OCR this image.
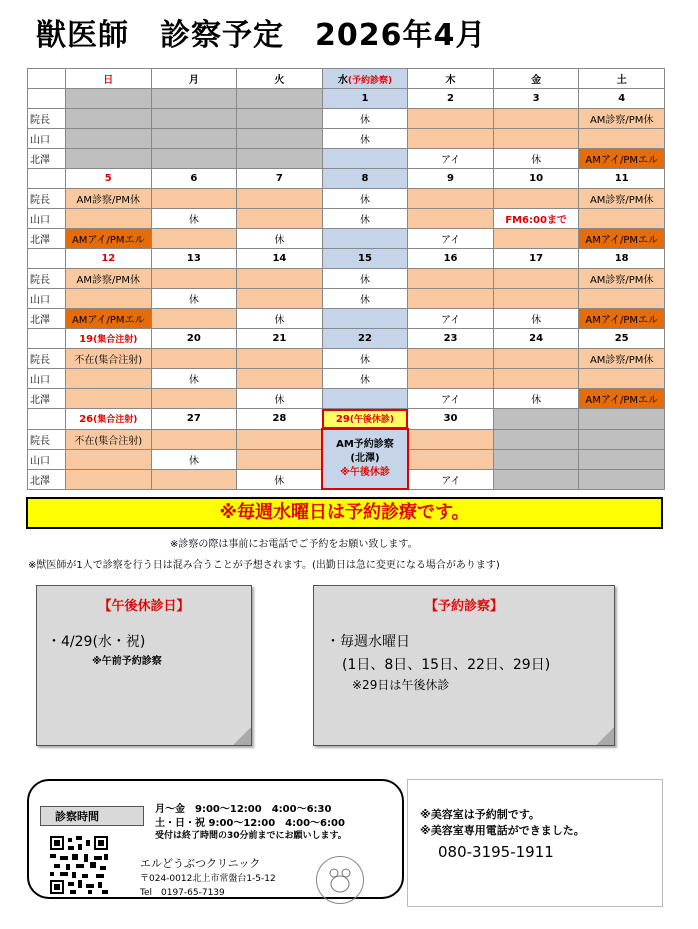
獣医師　診察予定　2026年4月
	日	月	火	水(予約診察)	木	金	土
				1	2	3	4
院長				休			AM診察/PM休
山口				休			
北澤					アイ	休	AMアイ/PMエル
	5	6	7	8	9	10	11
院長	AM診察/PM休			休			AM診察/PM休
山口		休		休		FM6:00まで	
北澤	AMアイ/PMエル		休		アイ		AMアイ/PMエル
	12	13	14	15	16	17	18
院長	AM診察/PM休			休			AM診察/PM休
山口		休		休			
北澤	AMアイ/PMエル		休		アイ	休	AMアイ/PMエル
	19(集合注射)	20	21	22	23	24	25
院長	不在(集合注射)			休			AM診察/PM休
山口		休		休			
北澤			休		アイ	休	AMアイ/PMエル
	26(集合注射)	27	28	29(午後休診)	30		
院長	不在(集合注射)			AM予約診察
(北澤)
※午後休診			

山口		休					
北澤			休		アイ		
※毎週水曜日は予約診療です。
※診察の際は事前にお電話でご予約をお願い致します。
※獣医師が1人で診察を行う日は混み合うことが予想されます。(出勤日は急に変更になる場合があります)
【午後休診日】
・4/29(水・祝)
※午前予約診察
【予約診察】
・毎週水曜日
(1日、8日、15日、22日、29日)
※29日は午後休診
診察時間
月～金　9:00～12:00　4:00～6:30
土・日・祝 9:00～12:00　4:00～6:00
受付は終了時間の30分前までにお願いします。
エルどうぶつクリニック
〒024-0012北上市常盤台1-5-12
Tel　0197-65-7139
※美容室は予約制です。
※美容室専用電話ができました。
080-3195-1911
